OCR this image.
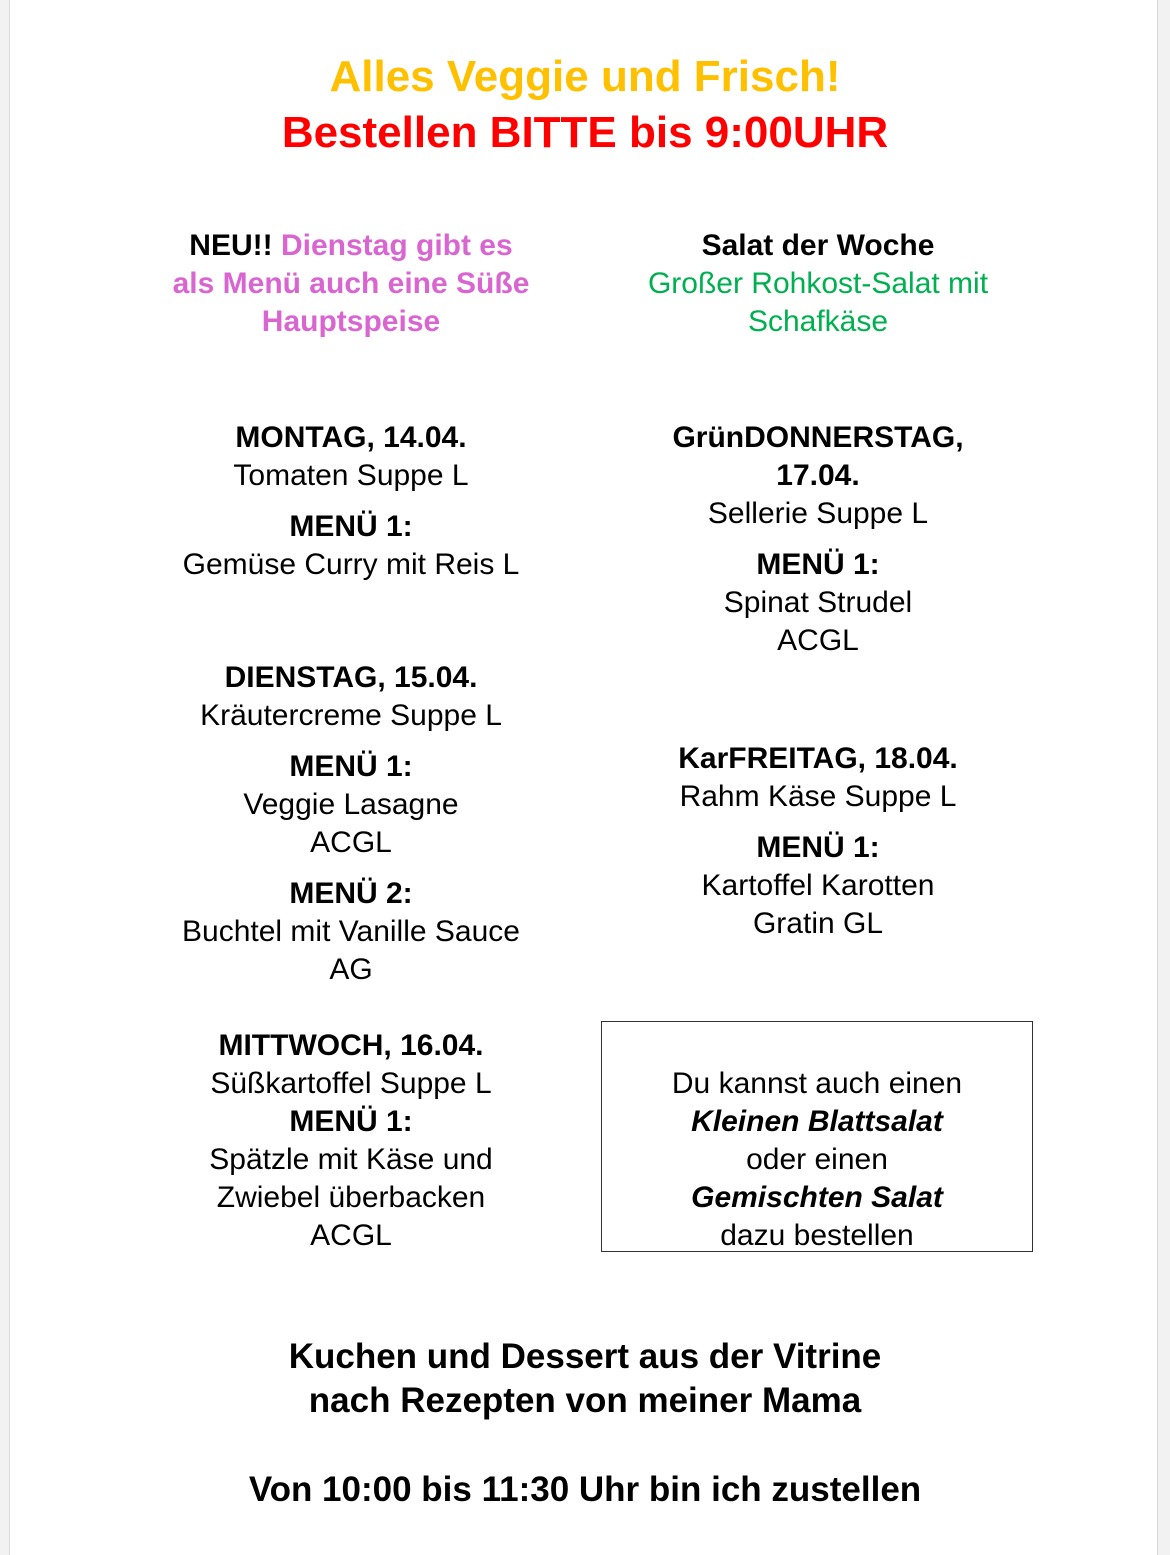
Alles Veggie und Frisch!
Bestellen BITTE bis 9:00UHR
NEU!! Dienstag gibt es
als Menü auch eine Süße
Hauptspeise
Salat der Woche
Großer Rohkost-Salat mit
Schafkäse
MONTAG, 14.04.
Tomaten Suppe L
MENÜ 1:
Gemüse Curry mit Reis L
DIENSTAG, 15.04.
Kräutercreme Suppe L
MENÜ 1:
Veggie Lasagne
ACGL
MENÜ 2:
Buchtel mit Vanille Sauce
AG
MITTWOCH, 16.04.
Süßkartoffel Suppe L
MENÜ 1:
Spätzle mit Käse und
Zwiebel überbacken
ACGL
GrünDONNERSTAG,
17.04.
Sellerie Suppe L
MENÜ 1:
Spinat Strudel
ACGL
KarFREITAG, 18.04.
Rahm Käse Suppe L
MENÜ 1:
Kartoffel Karotten
Gratin GL
Du kannst auch einen
Kleinen Blattsalat
oder einen
Gemischten Salat
dazu bestellen
Kuchen und Dessert aus der Vitrine
nach Rezepten von meiner Mama
Von 10:00 bis 11:30 Uhr bin ich zustellen
